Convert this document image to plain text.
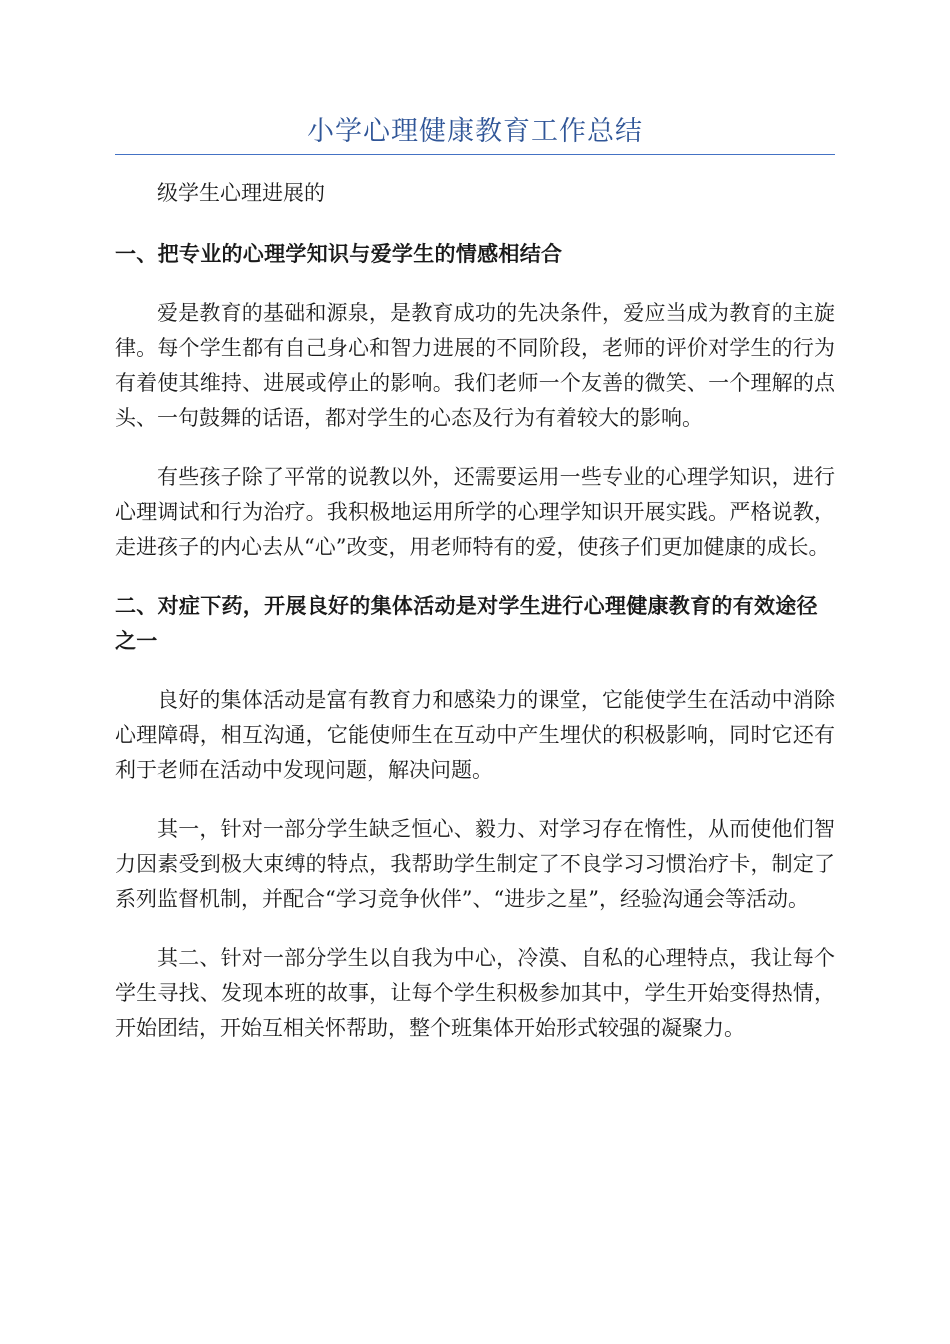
小学心理健康教育工作总结

级学生心理进展的

一、把专业的心理学知识与爱学生的情感相结合

爱是教育的基础和源泉，是教育成功的先决条件，爱应当成为教育的主旋律。每个学生都有自己身心和智力进展的不同阶段，老师的评价对学生的行为有着使其维持、进展或停止的影响。我们老师一个友善的微笑、一个理解的点头、一句鼓舞的话语，都对学生的心态及行为有着较大的影响。

有些孩子除了平常的说教以外，还需要运用一些专业的心理学知识，进行心理调试和行为治疗。我积极地运用所学的心理学知识开展实践。严格说教，走进孩子的内心去从“心”改变，用老师特有的爱，使孩子们更加健康的成长。

二、对症下药，开展良好的集体活动是对学生进行心理健康教育的有效途径之一

良好的集体活动是富有教育力和感染力的课堂，它能使学生在活动中消除心理障碍，相互沟通，它能使师生在互动中产生埋伏的积极影响，同时它还有利于老师在活动中发现问题，解决问题。

其一，针对一部分学生缺乏恒心、毅力、对学习存在惰性，从而使他们智力因素受到极大束缚的特点，我帮助学生制定了不良学习习惯治疗卡，制定了系列监督机制，并配合“学习竞争伙伴”、“进步之星”，经验沟通会等活动。

其二、针对一部分学生以自我为中心，冷漠、自私的心理特点，我让每个学生寻找、发现本班的故事，让每个学生积极参加其中，学生开始变得热情，开始团结，开始互相关怀帮助，整个班集体开始形式较强的凝聚力。
